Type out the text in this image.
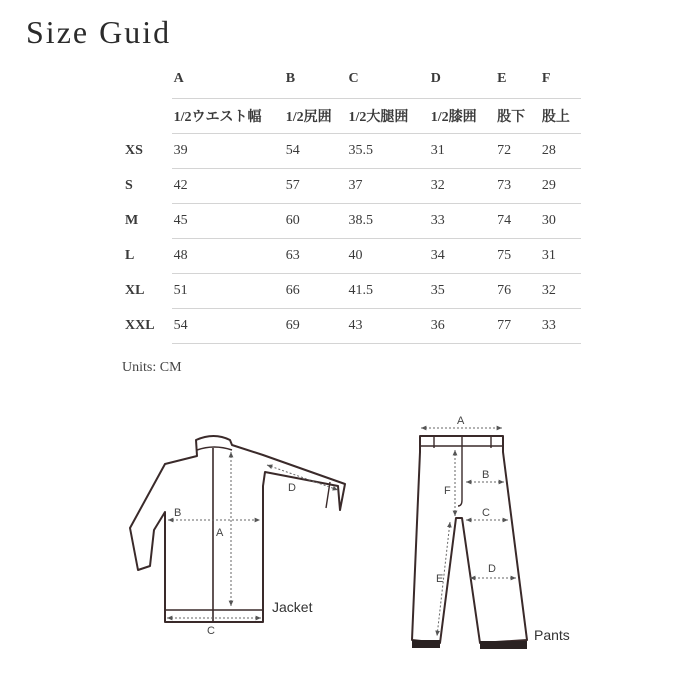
Size Guid
	A	B	C	D	E	F
	1/2ウエスト幅	1/2尻囲	1/2大腿囲	1/2膝囲	股下	股上
XS	39	54	35.5	31	72	28
S	42	57	37	32	73	29
M	45	60	38.5	33	74	30
L	48	63	40	34	75	31
XL	51	66	41.5	35	76	32
XXL	54	69	43	36	77	33
Units: CM
A
B
C
D
Jacket
A
B
C
D
E
F
Pants
